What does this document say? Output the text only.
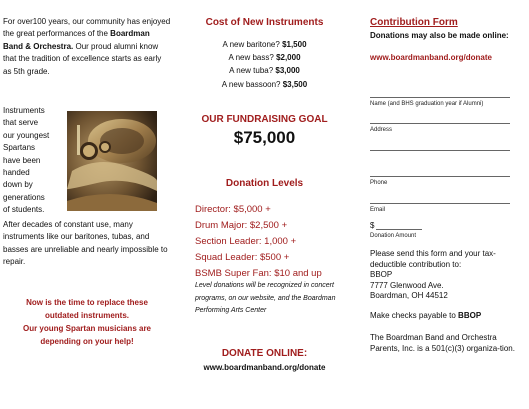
For over100 years, our community has enjoyed the great performances of the Boardman Band & Orchestra. Our proud alumni know that the tradition of excellence starts as early as 5th grade.

Instruments
that serve
our youngest
Spartans
have been
handed
down by
generations
of students.

After decades of constant use, many instruments like our baritones, tubas, and basses are unreliable and nearly impossible to repair.

Now is the time to replace these
outdated instruments.
Our young Spartan musicians are
depending on your help!
Cost of New Instruments
A new baritone? $1,500
A new bass? $2,000
A new tuba? $3,000
A new bassoon? $3,500
OUR FUNDRAISING GOAL
$75,000
Donation Levels
Director: $5,000 +
Drum Major: $2,500 +
Section Leader: 1,000 +
Squad Leader: $500 +
BSMB Super Fan: $10 and up

Level donations will be recognized in concert programs, on our website, and the Boardman Performing Arts Center

DONATE ONLINE:
www.boardmanband.org/donate
Contribution Form
Donations may also be made online:
www.boardmanband.org/donate
Name (and BHS graduation year if Alumni)
Address
Phone
Email
$
Donation Amount
Please send this form and your tax-deductible contribution to:
BBOP
7777 Glenwood Ave.
Boardman, OH 44512
Make checks payable to BBOP
The Boardman Band and Orchestra Parents, Inc. is a 501(c)(3) organiza-tion.
